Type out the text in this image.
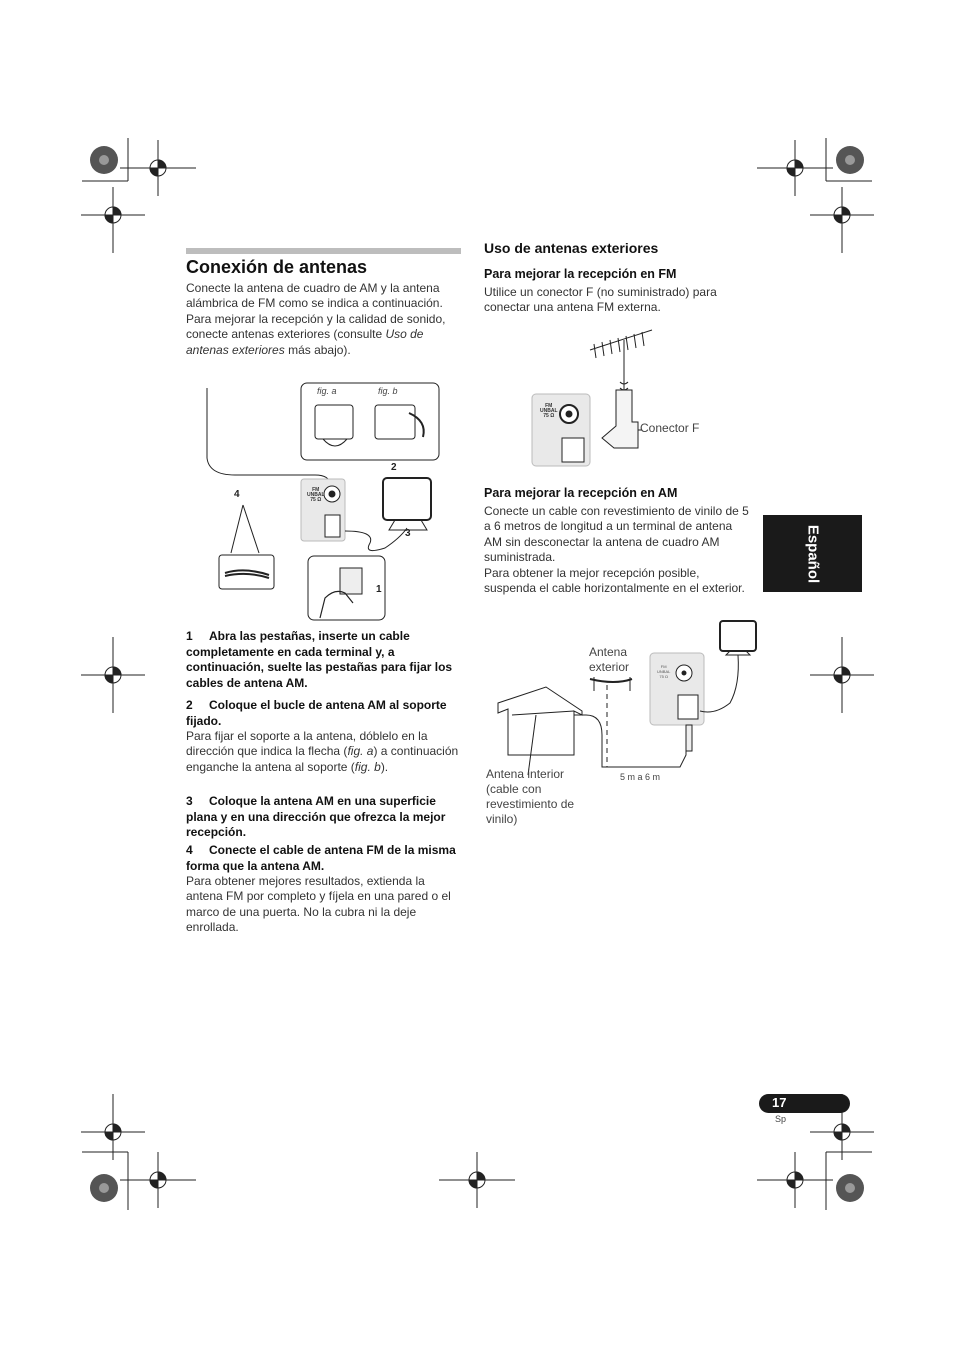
Conexión de antenas
Conecte la antena de cuadro de AM y la antena alámbrica de FM como se indica a continuación. Para mejorar la recepción y la calidad de sonido, conecte antenas exteriores (consulte Uso de antenas exteriores más abajo).
fig. a	fig. b
2
4
3
1
FM
UNBAL
75 Ω
1 Abra las pestañas, inserte un cable completamente en cada terminal y, a continuación, suelte las pestañas para fijar los cables de antena AM.
2 Coloque el bucle de antena AM al soporte fijado.
Para fijar el soporte a la antena, dóblelo en la dirección que indica la flecha (fig. a) a continuación enganche la antena al soporte (fig. b).
3 Coloque la antena AM en una superficie plana y en una dirección que ofrezca la mejor recepción.
4 Conecte el cable de antena FM de la misma forma que la antena AM.
Para obtener mejores resultados, extienda la antena FM por completo y fíjela en una pared o el marco de una puerta. No la cubra ni la deje enrollada.
Uso de antenas exteriores
Para mejorar la recepción en FM
Utilice un conector F (no suministrado) para conectar una antena FM externa.
FM
UNBAL
75 Ω
Conector F
Para mejorar la recepción en AM
Conecte un cable con revestimiento de vinilo de 5 a 6 metros de longitud a un terminal de antena AM sin desconectar la antena de cuadro AM suministrada.
Para obtener la mejor recepción posible, suspenda el cable horizontalmente en el exterior.
Antena exterior
Antena interior (cable con revestimiento de vinilo)
5 m a 6 m
FM
UNBAL
75 Ω
Español
17
Sp
